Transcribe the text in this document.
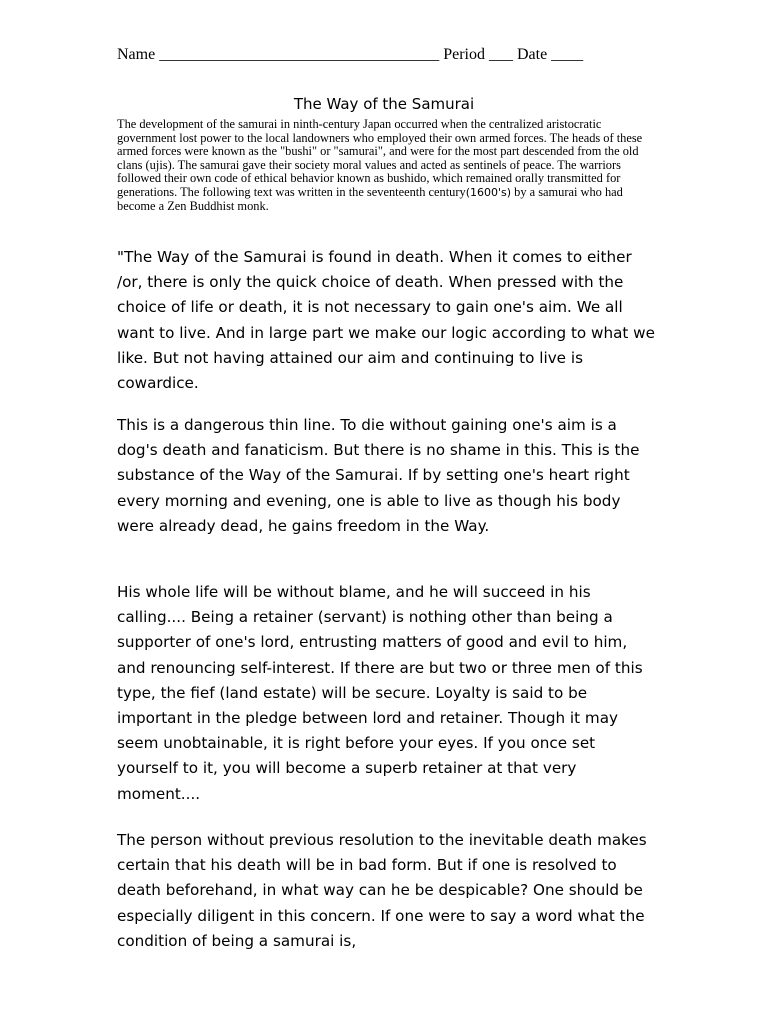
Name ___________________________________ Period ___ Date ____
The Way of the Samurai

The development of the samurai in ninth-century Japan occurred when the centralized aristocratic government lost power to the local landowners who employed their own armed forces. The heads of these armed forces were known as the "bushi" or "samurai", and were for the most part descended from the old clans (ujis). The samurai gave their society moral values and acted as sentinels of peace. The warriors followed their own code of ethical behavior known as bushido, which remained orally transmitted for generations. The following text was written in the seventeenth century(1600's) by a samurai who had become a Zen Buddhist monk.

"The Way of the Samurai is found in death. When it comes to either /or, there is only the quick choice of death. When pressed with the choice of life or death, it is not necessary to gain one's aim. We all want to live. And in large part we make our logic according to what we like. But not having attained our aim and continuing to live is cowardice.

This is a dangerous thin line. To die without gaining one's aim is a dog's death and fanaticism. But there is no shame in this. This is the substance of the Way of the Samurai. If by setting one's heart right every morning and evening, one is able to live as though his body were already dead, he gains freedom in the Way.

His whole life will be without blame, and he will succeed in his calling.... Being a retainer (servant) is nothing other than being a supporter of one's lord, entrusting matters of good and evil to him, and renouncing self-interest. If there are but two or three men of this type, the fief (land estate) will be secure. Loyalty is said to be important in the pledge between lord and retainer. Though it may seem unobtainable, it is right before your eyes. If you once set yourself to it, you will become a superb retainer at that very moment....

The person without previous resolution to the inevitable death makes certain that his death will be in bad form. But if one is resolved to death beforehand, in what way can he be despicable? One should be especially diligent in this concern. If one were to say a word what the condition of being a samurai is,
